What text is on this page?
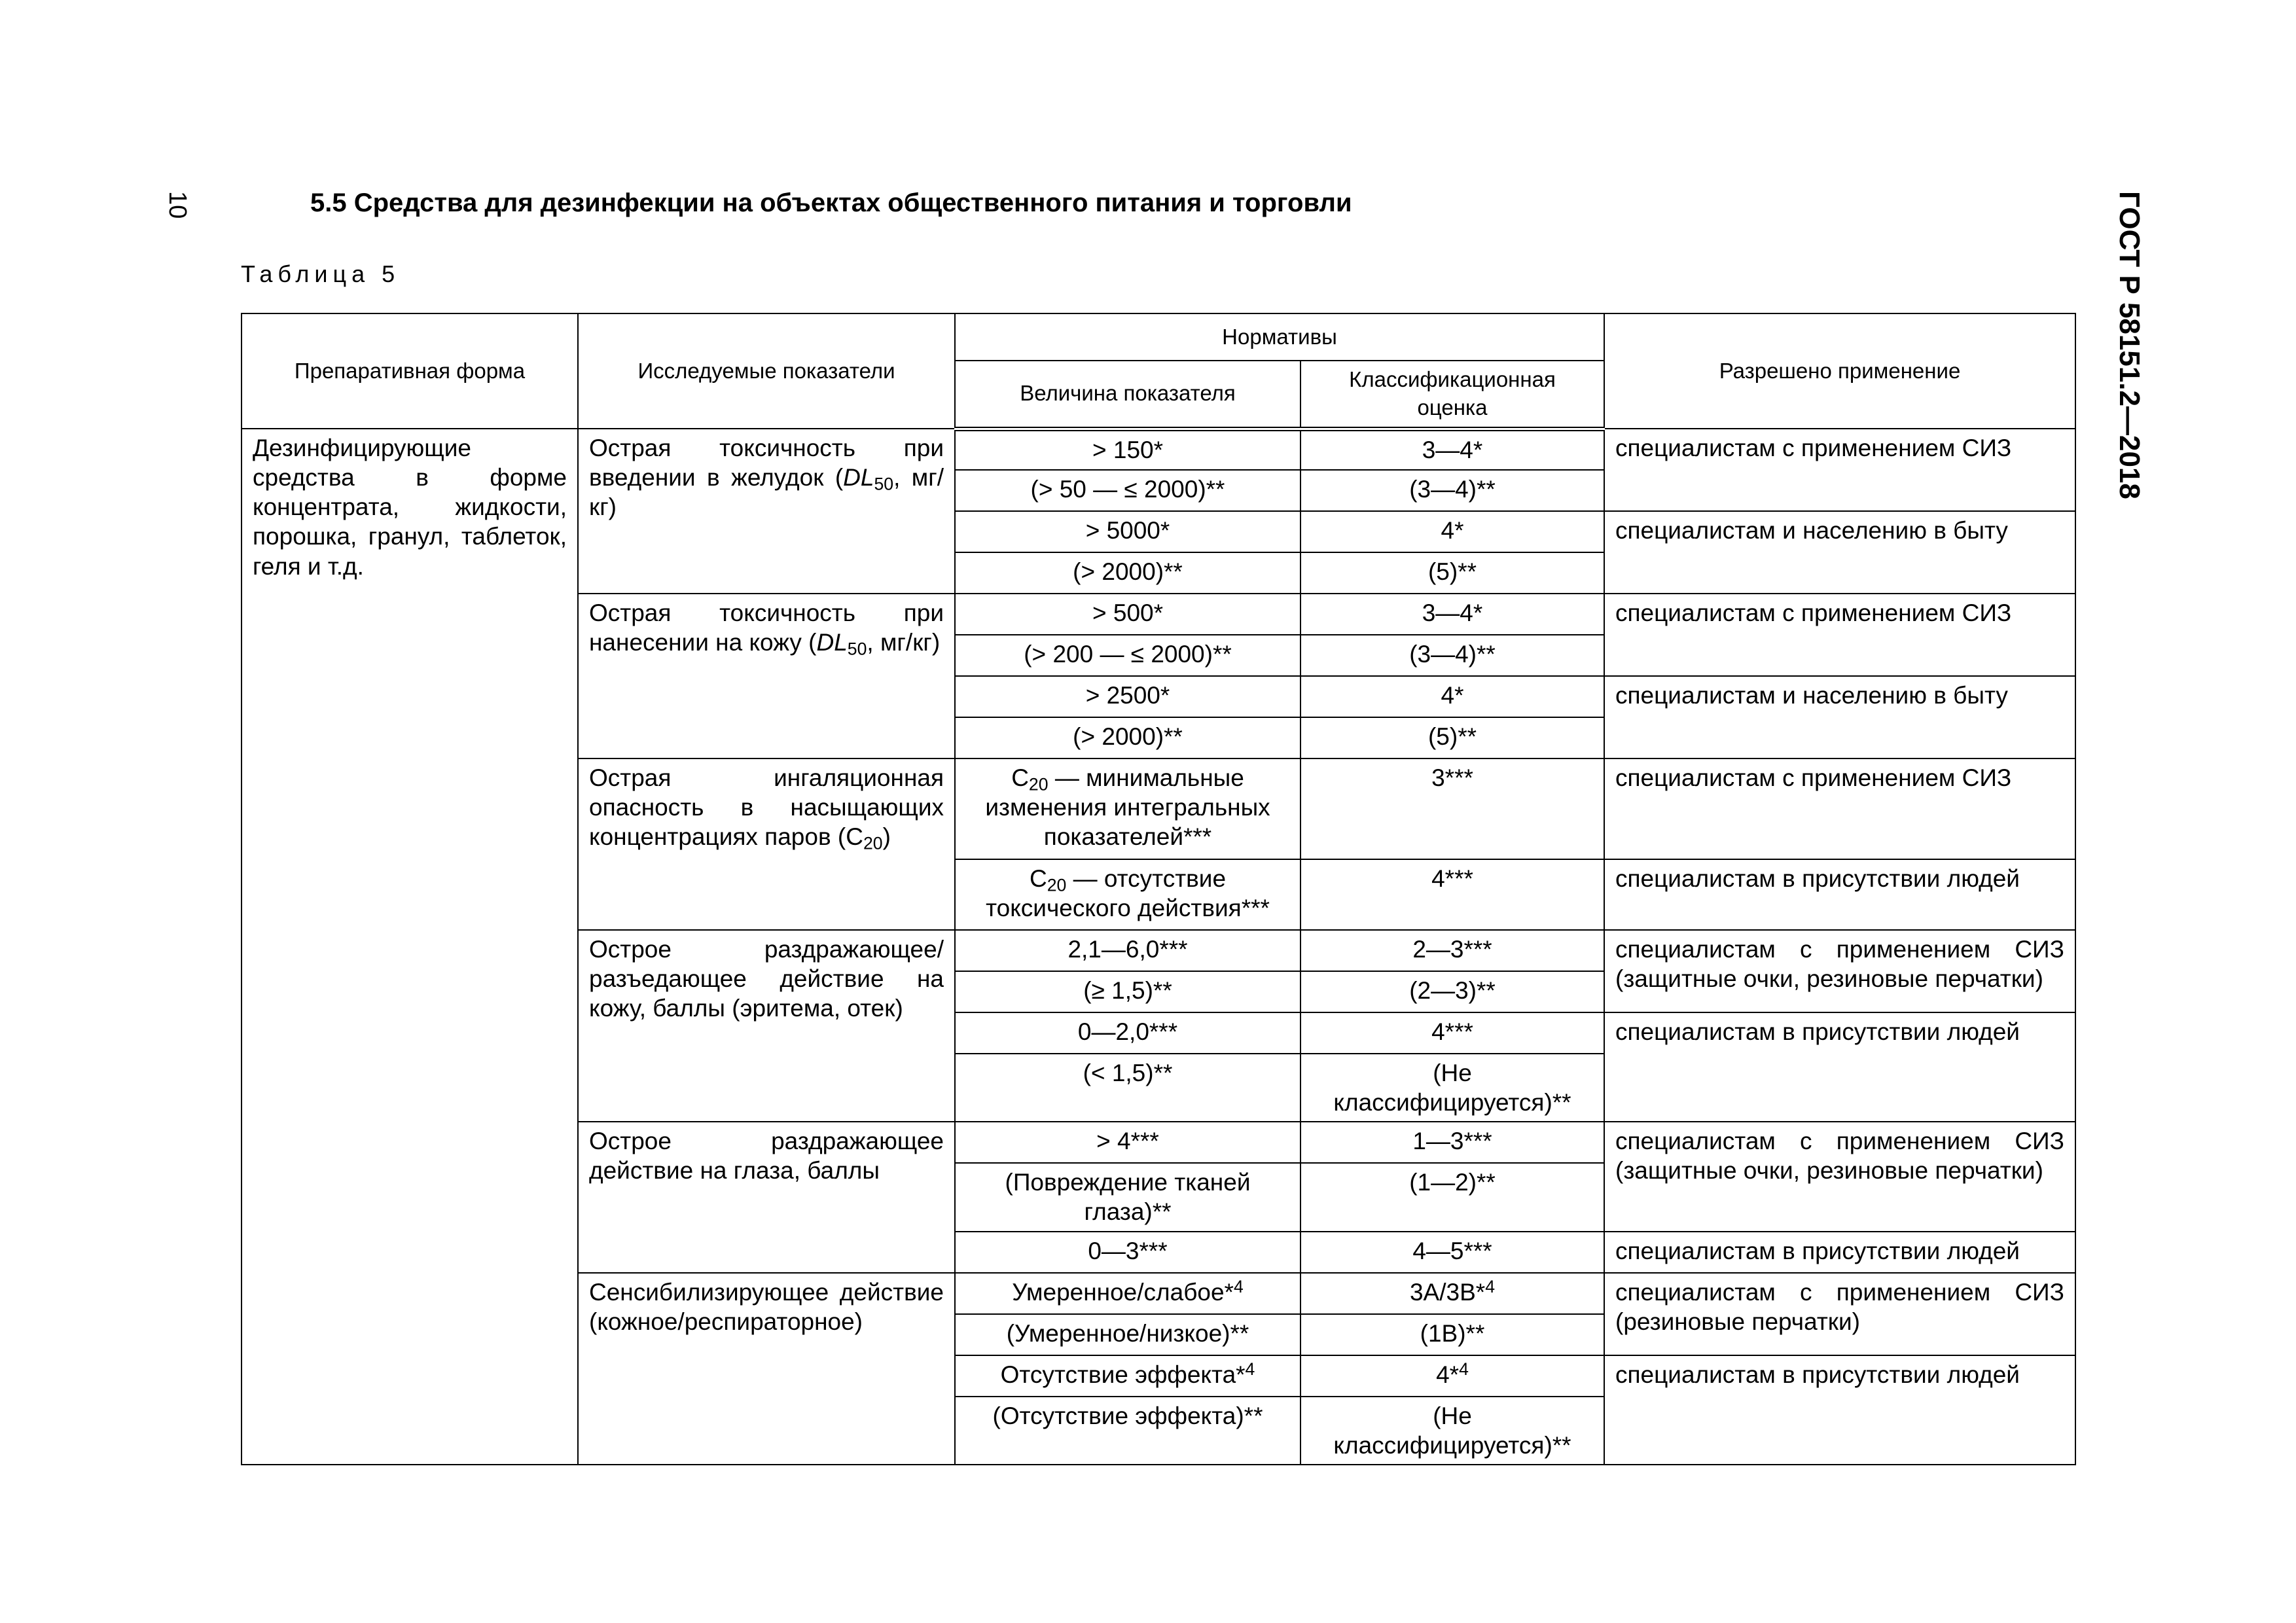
10	ГОСТ Р 58151.2—2018
5.5 Средства для дезинфекции на объектах общественного питания и торговли
Таблица 5
Препаративная форма	Исследуемые показатели	Нормативы		Разрешено применение
		Величина показателя	Классификационная оценка	
Дезинфицирующие средства в форме концентрата, жидкости, порошка, гранул, таблеток, геля и т.д.	Острая токсичность при введении в желудок ($DL_{50}$, мг/кг)	> 150*	3—4*	специалистам с применением СИЗ
		(> 50 — ≤ 2000)**	(3—4)**	
		> 5000*	4*	специалистам и населению в быту
		(> 2000)**	(5)**	
	Острая токсичность при нанесении на кожу ($DL_{50}$, мг/кг)	> 500*	3—4*	специалистам с применением СИЗ
		(> 200 — ≤ 2000)**	(3—4)**	
		> 2500*	4*	специалистам и населению в быту
		(> 2000)**	(5)**	
	Острая ингаляционная опасность в насыщающих концентрациях паров $(C_{20})$	$C_{20}$ — минимальные изменения интегральных показателей***	3***	специалистам с применением СИЗ
		$C_{20}$ — отсутствие токсического действия***	4***	специалистам в присутствии людей
	Острое раздражающее/ разъедающее действие на кожу, баллы (эритема, отек)	2,1—6,0***	2—3***	специалистам с применением СИЗ (защитные очки, резиновые перчатки)
		(≥ 1,5)**	(2—3)**	
		0—2,0***	4***	специалистам в присутствии людей
		(< 1,5)**	(Не классифицируется)**	
	Острое раздражающее действие на глаза, баллы	> 4***	1—3***	специалистам с применением СИЗ (защитные очки, резиновые перчатки)
		(Повреждение тканей глаза)**	(1—2)**	
		0—3***	4—5***	специалистам в присутствии людей
	Сенсибилизирующее действие (кожное/респираторное)	Умеренное/слабое*$^4$	3A/3B*$^4$	специалистам с применением СИЗ (резиновые перчатки)
		(Умеренное/низкое)**	(1B)**	
		Отсутствие эффекта*$^4$	4*$^4$	специалистам в присутствии людей
		(Отсутствие эффекта)**	(Не классифицируется)**	
